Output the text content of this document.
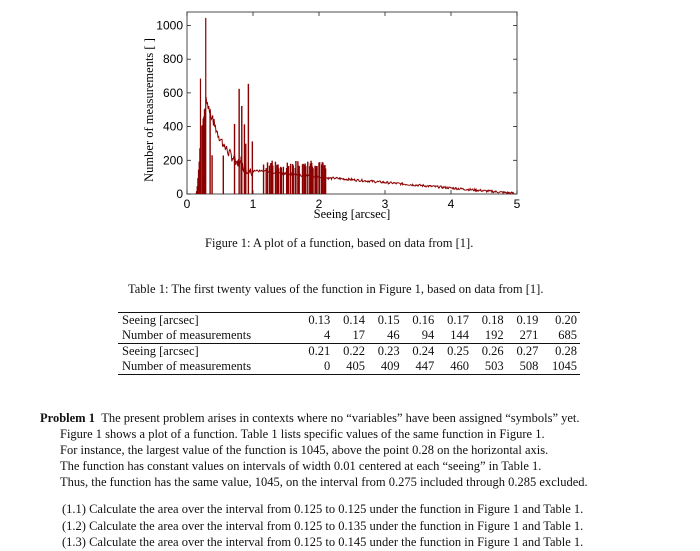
0	1	2	3	4	5
0
200
400
600
800
1000
Seeing [arcsec]
Number of measurements [ ]
Figure 1: A plot of a function, based on data from [1].
Table 1: The first twenty values of the function in Figure 1, based on data from [1].
Seeing [arcsec]	0.13	0.14	0.15	0.16	0.17	0.18	0.19	0.20
Number of measurements	4	17	46	94	144	192	271	685
Seeing [arcsec]	0.21	0.22	0.23	0.24	0.25	0.26	0.27	0.28
Number of measurements	0	405	409	447	460	503	508	1045

Problem 1 The present problem arises in contexts where no “variables” have been assigned “symbols” yet.

Figure 1 shows a plot of a function. Table 1 lists specific values of the same function in Figure 1.

For instance, the largest value of the function is 1045, above the point 0.28 on the horizontal axis.

The function has constant values on intervals of width 0.01 centered at each “seeing” in Table 1.

Thus, the function has the same value, 1045, on the interval from 0.275 included through 0.285 excluded.

(1.1) Calculate the area over the interval from 0.125 to 0.125 under the function in Figure 1 and Table 1.
(1.2) Calculate the area over the interval from 0.125 to 0.135 under the function in Figure 1 and Table 1.
(1.3) Calculate the area over the interval from 0.125 to 0.145 under the function in Figure 1 and Table 1.
